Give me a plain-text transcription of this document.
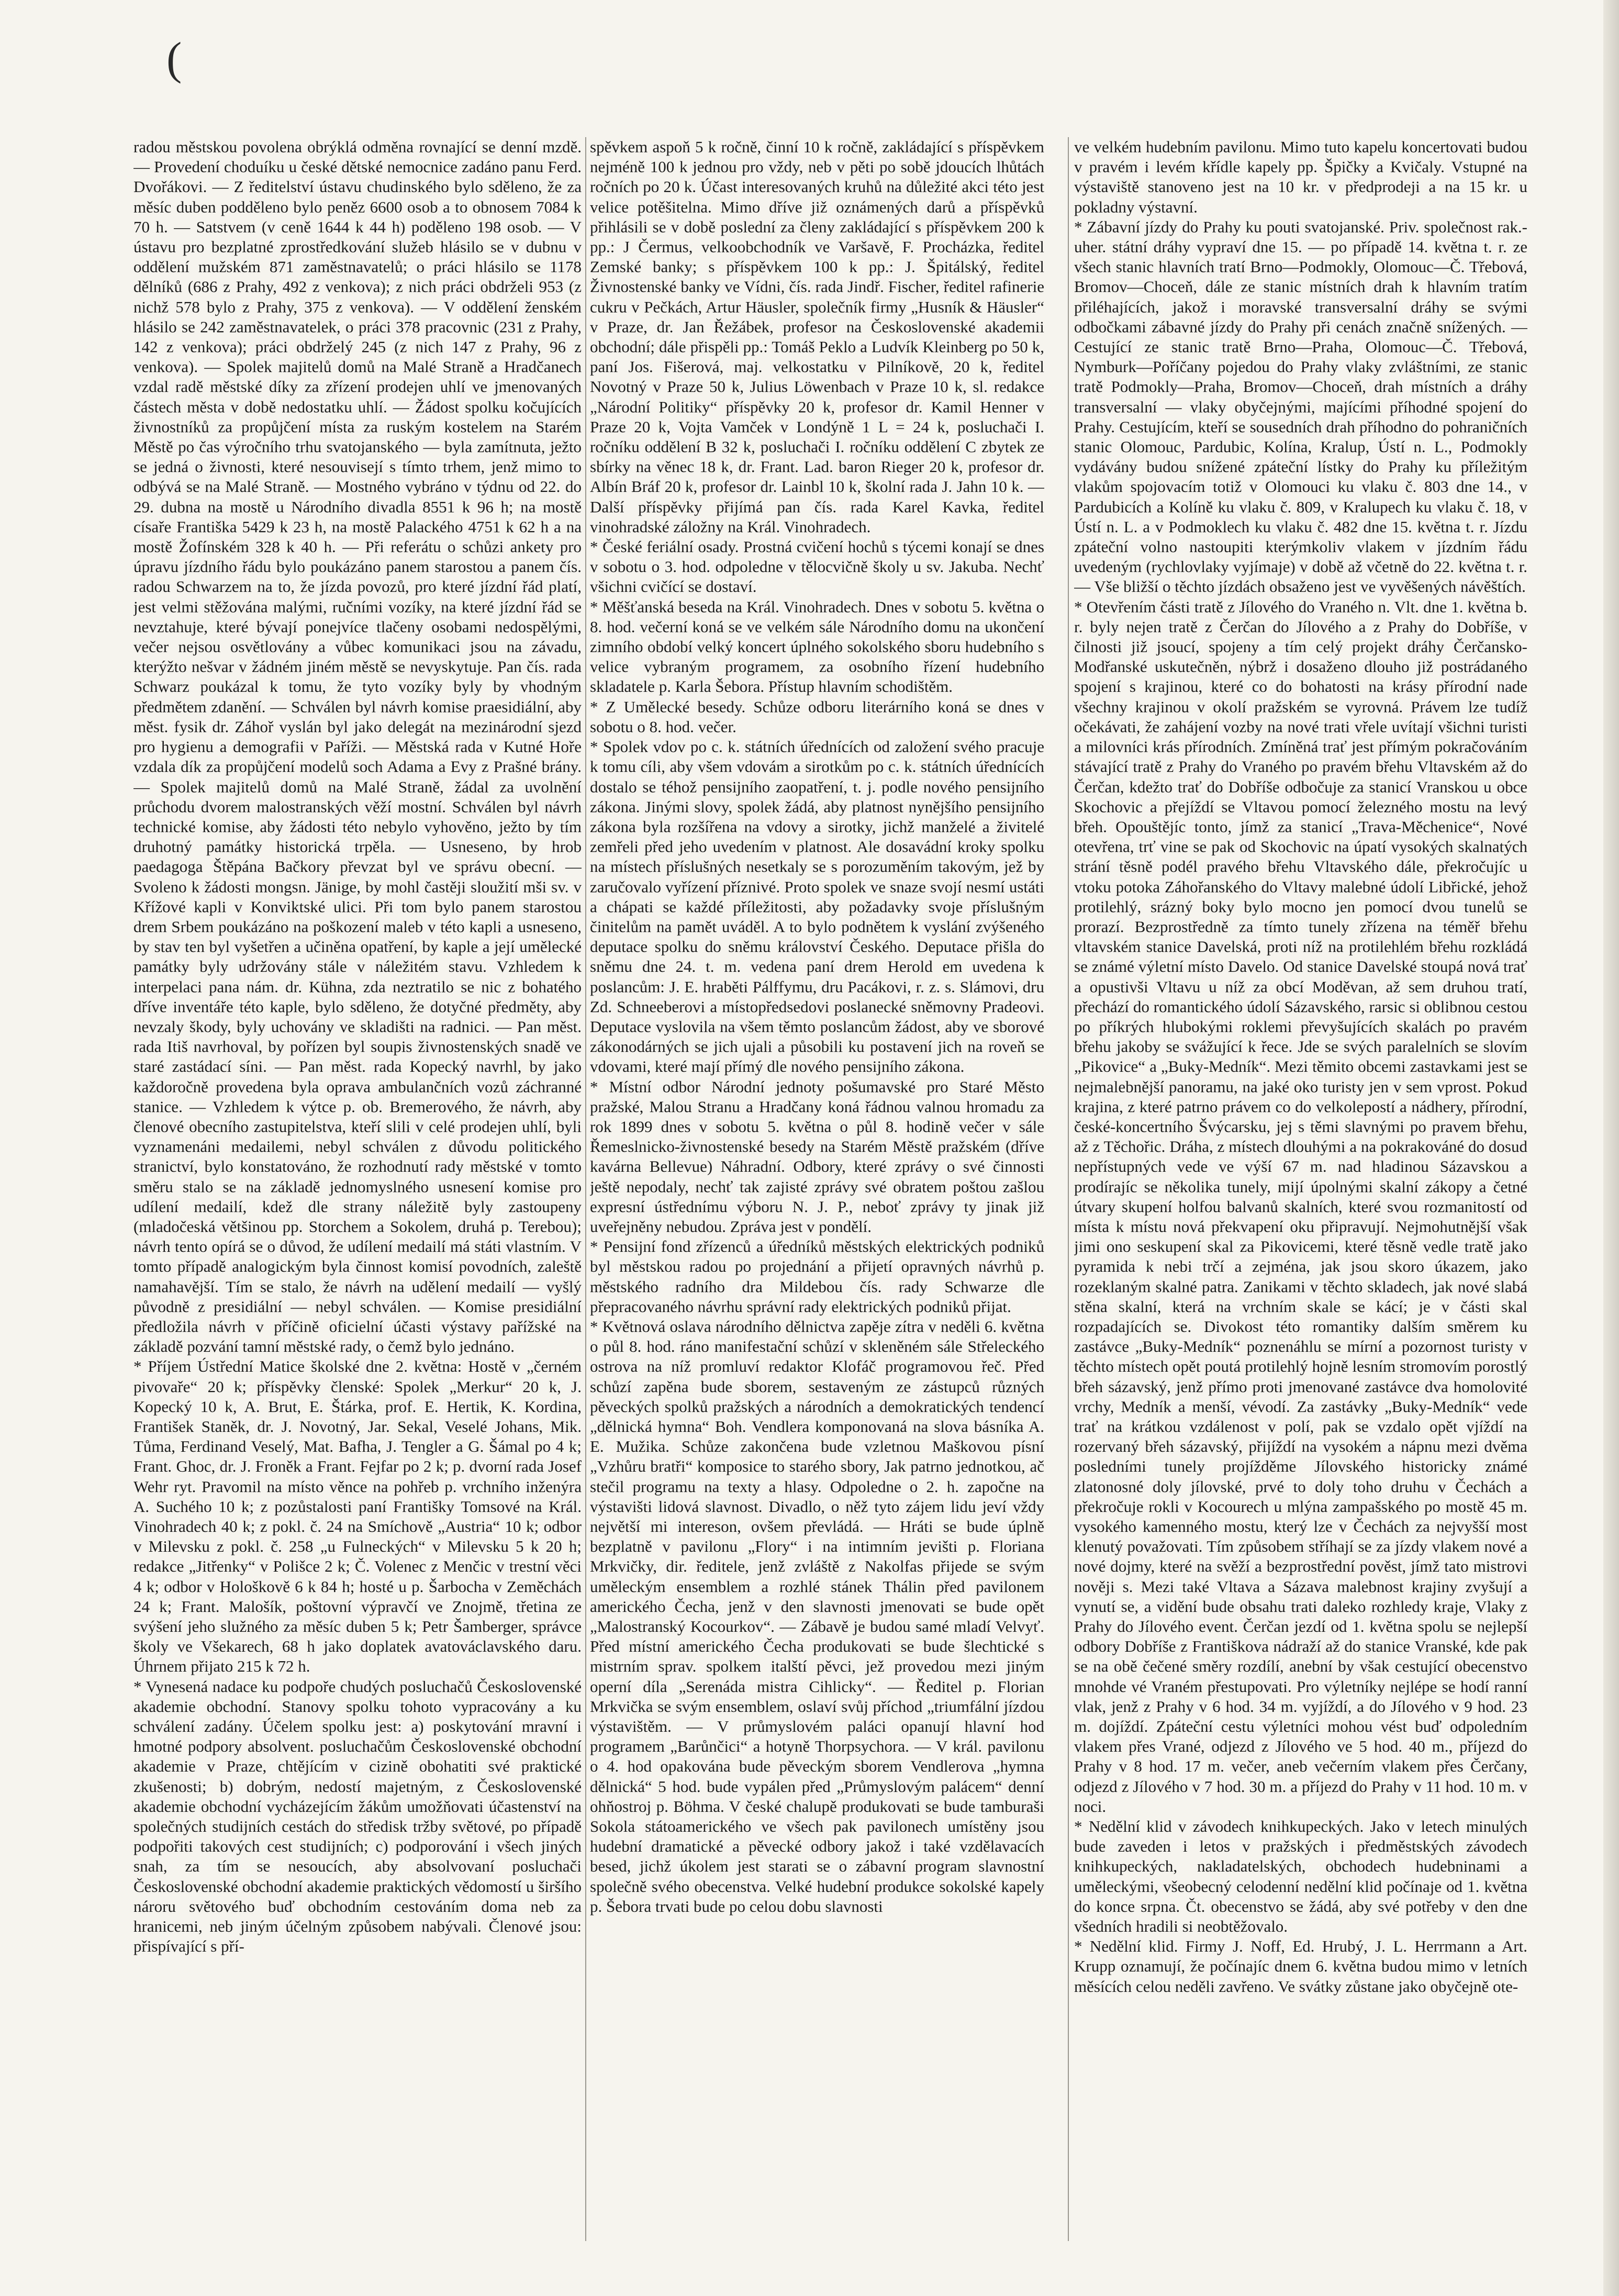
(

radou městskou povolena obrýklá odměna rovnající se denní mzdě. — Provedení choduíku u české dětské nemocnice zadáno panu Ferd. Dvořákovi. — Z ředitelství ústavu chudinského bylo sděleno, že za měsíc duben podděleno bylo peněz 6600 osob a to obnosem 7084 k 70 h. — Satstvem (v ceně 1644 k 44 h) poděleno 198 osob. — V ústavu pro bezplatné zprostředkování služeb hlásilo se v dubnu v oddělení mužském 871 zaměstnavatelů; o práci hlásilo se 1178 dělníků (686 z Prahy, 492 z venkova); z nich práci obdrželi 953 (z nichž 578 bylo z Prahy, 375 z venkova). — V oddělení ženském hlásilo se 242 zaměstnavatelek, o práci 378 pracovnic (231 z Prahy, 142 z venkova); práci obdrželý 245 (z nich 147 z Prahy, 96 z venkova). — Spolek majitelů domů na Malé Straně a Hradčanech vzdal radě městské díky za zřízení prodejen uhlí ve jmenovaných částech města v době nedostatku uhlí. — Žádost spolku kočujících živnostníků za propůjčení místa za ruským kostelem na Starém Městě po čas výročního trhu svatojanského — byla zamítnuta, ježto se jedná o živnosti, které nesouvisejí s tímto trhem, jenž mimo to odbývá se na Malé Straně. — Mostného vybráno v týdnu od 22. do 29. dubna na mostě u Národního divadla 8551 k 96 h; na mostě císaře Františka 5429 k 23 h, na mostě Palackého 4751 k 62 h a na mostě Žofínském 328 k 40 h. — Při referátu o schůzi ankety pro úpravu jízdního řádu bylo poukázáno panem starostou a panem čís. radou Schwarzem na to, že jízda povozů, pro které jízdní řád platí, jest velmi stěžována malými, ručními vozíky, na které jízdní řád se nevztahuje, které bývají ponejvíce tlačeny osobami nedospělými, večer nejsou osvětlovány a vůbec komunikaci jsou na závadu, kterýžto nešvar v žádném jiném městě se nevyskytuje. Pan čís. rada Schwarz poukázal k tomu, že tyto vozíky byly by vhodným předmětem zdanění. — Schválen byl návrh komise praesidiální, aby měst. fysik dr. Záhoř vyslán byl jako delegát na mezinárodní sjezd pro hygienu a demografii v Paříži. — Městská rada v Kutné Hoře vzdala dík za propůjčení modelů soch Adama a Evy z Prašné brány. — Spolek majitelů domů na Malé Straně, žádal za uvolnění průchodu dvorem malostranských věží mostní. Schválen byl návrh technické komise, aby žádosti této nebylo vyhověno, ježto by tím druhotný památky historická trpěla. — Usneseno, by hrob paedagoga Štěpána Bačkory převzat byl ve správu obecní. — Svoleno k žádosti mongsn. Jänige, by mohl častěji sloužití mši sv. v Křížové kapli v Konviktské ulici. Při tom bylo panem starostou drem Srbem poukázáno na poškození maleb v této kapli a usneseno, by stav ten byl vyšetřen a učiněna opatření, by kaple a její umělecké památky byly udržovány stále v náležitém stavu. Vzhledem k interpelaci pana nám. dr. Kühna, zda neztratilo se nic z bohatého dříve inventáře této kaple, bylo sděleno, že dotyčné předměty, aby nevzaly škody, byly uchovány ve skladišti na radnici. — Pan měst. rada Itiš navrhoval, by pořízen byl soupis živnostenských snadě ve staré zastádací síni. — Pan měst. rada Kopecký navrhl, by jako každoročně provedena byla oprava ambulančních vozů záchranné stanice. — Vzhledem k výtce p. ob. Bremerového, že návrh, aby členové obecního zastupitelstva, kteří slili v celé prodejen uhlí, byli vyznamenáni medailemi, nebyl schválen z důvodu politického stranictví, bylo konstatováno, že rozhodnutí rady městské v tomto směru stalo se na základě jednomyslného usnesení komise pro udílení medailí, kdež dle strany náležitě byly zastoupeny (mladočeská většinou pp. Storchem a Sokolem, druhá p. Terebou); návrh tento opírá se o důvod, že udílení medailí má státi vlastním. V tomto případě analogickým byla činnost komisí povodních, zaleště namahavější. Tím se stalo, že návrh na udělení medailí — vyšlý původně z presidiální — nebyl schválen. — Komise presidiální předložila návrh v příčině oficielní účasti výstavy pařížské na základě pozvání tamní městské rady, o čemž bylo jednáno.

* Příjem Ústřední Matice školské dne 2. května: Hostě v „černém pivovaře“ 20 k; příspěvky členské: Spolek „Merkur“ 20 k, J. Kopecký 10 k, A. Brut, E. Štárka, prof. E. Hertik, K. Kordina, František Staněk, dr. J. Novotný, Jar. Sekal, Veselé Johans, Mik. Tůma, Ferdinand Veselý, Mat. Bafha, J. Tengler a G. Šámal po 4 k; Frant. Ghoc, dr. J. Froněk a Frant. Fejfar po 2 k; p. dvorní rada Josef Wehr ryt. Pravomil na místo věnce na pohřeb p. vrchního inženýra A. Suchého 10 k; z pozůstalosti paní Františky Tomsové na Král. Vinohradech 40 k; z pokl. č. 24 na Smíchově „Austria“ 10 k; odbor v Milevsku z pokl. č. 258 „u Fulneckých“ v Milevsku 5 k 20 h; redakce „Jitřenky“ v Polišce 2 k; Č. Volenec z Menčic v trestní věci 4 k; odbor v Hološkově 6 k 84 h; hosté u p. Šarbocha v Zeměchách 24 k; Frant. Malošík, poštovní výpravčí ve Znojmě, třetina ze svýšení jeho služného za měsíc duben 5 k; Petr Šamberger, správce školy ve Všekarech, 68 h jako doplatek avatováclavského daru. Úhrnem přijato 215 k 72 h.

* Vynesená nadace ku podpoře chudých posluchačů Československé akademie obchodní. Stanovy spolku tohoto vypracovány a ku schválení zadány. Účelem spolku jest: a) poskytování mravní i hmotné podpory absolvent. posluchačům Československé obchodní akademie v Praze, chtějícím v cizině obohatiti své praktické zkušenosti; b) dobrým, nedostí majetným, z Československé akademie obchodní vycházejícím žákům umožňovati účastenství na společných studijních cestách do středisk tržby světové, po případě podpořiti takových cest studijních; c) podporování i všech jiných snah, za tím se nesoucích, aby absolvovaní posluchači Československé obchodní akademie praktických vědomostí u širšího nároru světového buď obchodním cestováním doma neb za hranicemi, neb jiným účelným způsobem nabývali. Členové jsou: přispívající s pří-

spěvkem aspoň 5 k ročně, činní 10 k ročně, zakládající s příspěvkem nejméně 100 k jednou pro vždy, neb v pěti po sobě jdoucích lhůtách ročních po 20 k. Účast interesovaných kruhů na důležité akci této jest velice potěšitelna. Mimo dříve již oznámených darů a příspěvků přihlásili se v době poslední za členy zakládající s příspěvkem 200 k pp.: J Čermus, velkoobchodník ve Varšavě, F. Procházka, ředitel Zemské banky; s příspěvkem 100 k pp.: J. Špitálský, ředitel Živnostenské banky ve Vídni, čís. rada Jindř. Fischer, ředitel rafinerie cukru v Pečkách, Artur Häusler, společník firmy „Husník & Häusler“ v Praze, dr. Jan Řežábek, profesor na Československé akademii obchodní; dále přispěli pp.: Tomáš Peklo a Ludvík Kleinberg po 50 k, paní Jos. Fišerová, maj. velkostatku v Pilníkově, 20 k, ředitel Novotný v Praze 50 k, Julius Löwenbach v Praze 10 k, sl. redakce „Národní Politiky“ příspěvky 20 k, profesor dr. Kamil Henner v Praze 20 k, Vojta Vamček v Londýně 1 L = 24 k, posluchači I. ročníku oddělení B 32 k, posluchači I. ročníku oddělení C zbytek ze sbírky na věnec 18 k, dr. Frant. Lad. baron Rieger 20 k, profesor dr. Albín Bráf 20 k, profesor dr. Lainbl 10 k, školní rada J. Jahn 10 k. — Další příspěvky přijímá pan čís. rada Karel Kavka, ředitel vinohradské záložny na Král. Vinohradech.

* České feriální osady. Prostná cvičení hochů s týcemi konají se dnes v sobotu o 3. hod. odpoledne v tělocvičně školy u sv. Jakuba. Nechť všichni cvičící se dostaví.

* Měšťanská beseda na Král. Vinohradech. Dnes v sobotu 5. května o 8. hod. večerní koná se ve velkém sále Národního domu na ukončení zimního období velký koncert úplného sokolského sboru hudebního s velice vybraným programem, za osobního řízení hudebního skladatele p. Karla Šebora. Přístup hlavním schodištěm.

* Z Umělecké besedy. Schůze odboru literárního koná se dnes v sobotu o 8. hod. večer.

* Spolek vdov po c. k. státních úřednících od založení svého pracuje k tomu cíli, aby všem vdovám a sirotkům po c. k. státních úřednících dostalo se téhož pensijního zaopatření, t. j. podle nového pensijního zákona. Jinými slovy, spolek žádá, aby platnost nynějšího pensijního zákona byla rozšířena na vdovy a sirotky, jichž manželé a živitelé zemřeli před jeho uvedením v platnost. Ale dosavádní kroky spolku na místech příslušných nesetkaly se s porozuměním takovým, jež by zaručovalo vyřízení příznivé. Proto spolek ve snaze svojí nesmí ustáti a chápati se každé příležitosti, aby požadavky svoje příslušným činitelům na pamět uváděl. A to bylo podnětem k vyslání zvýšeného deputace spolku do sněmu království Českého. Deputace přišla do sněmu dne 24. t. m. vedena paní drem Herold em uvedena k poslancům: J. E. hraběti Pálffymu, dru Pacákovi, r. z. s. Slámovi, dru Zd. Schneeberovi a místopředsedovi poslanecké sněmovny Pradeovi. Deputace vyslovila na všem těmto poslancům žádost, aby ve sborové zákonodárných se jich ujali a působili ku postavení jich na roveň se vdovami, které mají přímý dle nového pensijního zákona.

* Místní odbor Národní jednoty pošumavské pro Staré Město pražské, Malou Stranu a Hradčany koná řádnou valnou hromadu za rok 1899 dnes v sobotu 5. května o půl 8. hodině večer v sále Řemeslnicko-živnostenské besedy na Starém Městě pražském (dříve kavárna Bellevue) Náhradní. Odbory, které zprávy o své činnosti ještě nepodaly, nechť tak zajisté zprávy své obratem poštou zašlou expresní ústřednímu výboru N. J. P., neboť zprávy ty jinak již uveřejněny nebudou. Zpráva jest v pondělí.

* Pensijní fond zřízenců a úředníků městských elektrických podniků byl městskou radou po projednání a přijetí opravných návrhů p. městského radního dra Mildebou čís. rady Schwarze dle přepracovaného návrhu správní rady elektrických podniků přijat.

* Květnová oslava národního dělnictva zapěje zítra v neděli 6. května o půl 8. hod. ráno manifestační schůzí v skleněném sále Střeleckého ostrova na níž promluví redaktor Klofáč programovou řeč. Před schůzí zapěna bude sborem, sestaveným ze zástupců různých pěveckých spolků pražských a národních a demokratických tendencí „dělnická hymna“ Boh. Vendlera komponovaná na slova básníka A. E. Mužika. Schůze zakončena bude vzletnou Maškovou písní „Vzhůru bratři“ komposice to starého sbory, Jak patrno jednotkou, ač stečil programu na texty a hlasy. Odpoledne o 2. h. započne na výstavišti lidová slavnost. Divadlo, o něž tyto zájem lidu jeví vždy největší mi intereson, ovšem převládá. — Hráti se bude úplně bezplatně v pavilonu „Flory“ i na intimním jevišti p. Floriana Mrkvičky, dir. ředitele, jenž zvláště z Nakolfas přijede se svým uměleckým ensemblem a rozhlé stánek Thálin před pavilonem amerického Čecha, jenž v den slavnosti jmenovati se bude opět „Malostranský Kocourkov“. — Zábavě je budou samé mladí Velvyť. Před místní amerického Čecha produkovati se bude šlechtické s mistrním sprav. spolkem italští pěvci, jež provedou mezi jiným operní díla „Serenáda mistra Cihlicky“. — Ředitel p. Florian Mrkvička se svým ensemblem, oslaví svůj příchod „triumfální jízdou výstavištěm. — V průmyslovém paláci opanují hlavní hod programem „Barůnčici“ a hotyně Thorpsychora. — V král. pavilonu o 4. hod opakována bude pěveckým sborem Vendlerova „hymna dělnická“ 5 hod. bude vypálen před „Průmyslovým palácem“ denní ohňostroj p. Böhma. V české chalupě produkovati se bude tamburaši Sokola státoamerického ve všech pak pavilonech umístěny jsou hudební dramatické a pěvecké odbory jakož i také vzdělavacích besed, jichž úkolem jest starati se o zábavní program slavnostní společně svého obecenstva. Velké hudební produkce sokolské kapely p. Šebora trvati bude po celou dobu slavnosti

ve velkém hudebním pavilonu. Mimo tuto kapelu koncertovati budou v pravém i levém křídle kapely pp. Špičky a Kvičaly. Vstupné na výstaviště stanoveno jest na 10 kr. v předprodeji a na 15 kr. u pokladny výstavní.

* Zábavní jízdy do Prahy ku pouti svatojanské. Priv. společnost rak.-uher. státní dráhy vypraví dne 15. — po případě 14. května t. r. ze všech stanic hlavních tratí Brno—Podmokly, Olomouc—Č. Třebová, Bromov—Choceň, dále ze stanic místních drah k hlavním tratím přiléhajících, jakož i moravské transversalní dráhy se svými odbočkami zábavné jízdy do Prahy při cenách značně snížených. — Cestující ze stanic tratě Brno—Praha, Olomouc—Č. Třebová, Nymburk—Poříčany pojedou do Prahy vlaky zvláštními, ze stanic tratě Podmokly—Praha, Bromov—Choceň, drah místních a dráhy transversalní — vlaky obyčejnými, majícími příhodné spojení do Prahy. Cestujícím, kteří se sousedních drah příhodno do pohraničních stanic Olomouc, Pardubic, Kolína, Kralup, Ústí n. L., Podmokly vydávány budou snížené zpáteční lístky do Prahy ku příležitým vlakům spojovacím totiž v Olomouci ku vlaku č. 803 dne 14., v Pardubicích a Kolíně ku vlaku č. 809, v Kralupech ku vlaku č. 18, v Ústí n. L. a v Podmoklech ku vlaku č. 482 dne 15. května t. r. Jízdu zpáteční volno nastoupiti kterýmkoliv vlakem v jízdním řádu uvedeným (rychlovlaky vyjímaje) v době až včetně do 22. května t. r. — Vše bližší o těchto jízdách obsaženo jest ve vyvěšených návěštích.

* Otevřením části tratě z Jílového do Vraného n. Vlt. dne 1. května b. r. byly nejen tratě z Čerčan do Jílového a z Prahy do Dobříše, v čilnosti již jsoucí, spojeny a tím celý projekt dráhy Čerčansko-Modřanské uskutečněn, nýbrž i dosaženo dlouho již postrádaného spojení s krajinou, které co do bohatosti na krásy přírodní nade všechny krajinou v okolí pražském se vyrovná. Právem lze tudíž očekávati, že zahájení vozby na nové trati vřele uvítají všichni turisti a milovníci krás přírodních. Zmíněná trať jest přímým pokračováním stávající tratě z Prahy do Vraného po pravém břehu Vltavském až do Čerčan, kdežto trať do Dobříše odbočuje za stanicí Vranskou u obce Skochovic a přejíždí se Vltavou pomocí železného mostu na levý břeh. Opouštějíc tonto, jímž za stanicí „Trava-Měchenice“, Nové otevřena, trť vine se pak od Skochovic na úpatí vysokých skalnatých strání těsně podél pravého břehu Vltavského dále, překročujíc u vtoku potoka Záhořanského do Vltavy malebné údolí Libřické, jehož protilehlý, srázný boky bylo mocno jen pomocí dvou tunelů se prorazí. Bezprostředně za tímto tunely zřízena na téměř břehu vltavském stanice Davelská, proti níž na protilehlém břehu rozkládá se známé výletní místo Davelo. Od stanice Davelské stoupá nová trať a opustivši Vltavu u níž za obcí Moděvan, až sem druhou tratí, přechází do romantického údolí Sázavského, rarsic si oblibnou cestou po příkrých hlubokými roklemi převyšujících skalách po pravém břehu jakoby se svážující k řece. Jde se svých paralelních se slovím „Pikovice“ a „Buky-Medník“. Mezi těmito obcemi zastavkami jest se nejmalebnější panoramu, na jaké oko turisty jen v sem vprost. Pokud krajina, z které patrno právem co do velkolepostí a nádhery, přírodní, české-koncertního Švýcarsku, jej s těmi slavnými po pravem břehu, až z Těchořic. Dráha, z místech dlouhými a na pokrakováné do dosud nepřístupných vede ve výší 67 m. nad hladinou Sázavskou a prodírajíc se několika tunely, mijí úpolnými skalní zákopy a četné útvary skupení holfou balvanů skalních, které svou rozmanitostí od místa k místu nová překvapení oku připravují. Nejmohutnější však jimi ono seskupení skal za Pikovicemi, které těsně vedle tratě jako pyramida k nebi trčí a zejména, jak jsou skoro úkazem, jako rozeklaným skalné patra. Zanikami v těchto skladech, jak nové slabá stěna skalní, která na vrchním skale se kácí; je v části skal rozpadajících se. Divokost této romantiky dalším směrem ku zastávce „Buky-Medník“ poznenáhlu se mírní a pozornost turisty v těchto místech opět poutá protilehlý hojně lesním stromovím porostlý břeh sázavský, jenž přímo proti jmenované zastávce dva homolovité vrchy, Medník a menší, vévodí. Za zastávky „Buky-Medník“ vede trať na krátkou vzdálenost v polí, pak se vzdalo opět vjíždí na rozervaný břeh sázavský, přijíždí na vysokém a nápnu mezi dvěma posledními tunely projížděme Jílovského historicky známé zlatonosné doly jílovské, prvé to doly toho druhu v Čechách a překročuje rokli v Kocourech u mlýna zampašského po mostě 45 m. vysokého kamenného mostu, který lze v Čechách za nejvyšší most klenutý považovati. Tím způsobem stříhají se za jízdy vlakem nové a nové dojmy, které na svěží a bezprostřední pověst, jímž tato mistrovi nověji s. Mezi také Vltava a Sázava malebnost krajiny zvyšují a vynutí se, a vidění bude obsahu trati daleko rozhledy kraje, Vlaky z Prahy do Jílového event. Čerčan jezdí od 1. května spolu se nejlepší odbory Dobříše z Františkova nádraží až do stanice Vranské, kde pak se na obě čečené směry rozdílí, anební by však cestující obecenstvo mnohde vé Vraném přestupovati. Pro výletníky nejlépe se hodí ranní vlak, jenž z Prahy v 6 hod. 34 m. vyjíždí, a do Jílového v 9 hod. 23 m. dojíždí. Zpáteční cestu výletníci mohou vést buď odpoledním vlakem přes Vrané, odjezd z Jílového ve 5 hod. 40 m., příjezd do Prahy v 8 hod. 17 m. večer, aneb večerním vlakem přes Čerčany, odjezd z Jílového v 7 hod. 30 m. a příjezd do Prahy v 11 hod. 10 m. v noci.

* Nedělní klid v závodech knihkupeckých. Jako v letech minulých bude zaveden i letos v pražských i předměstských závodech knihkupeckých, nakladatelských, obchodech hudebninami a uměleckými, všeobecný celodenní nedělní klid počínaje od 1. května do konce srpna. Čt. obecenstvo se žádá, aby své potřeby v den dne všedních hradili si neobtěžovalo.

* Nedělní klid. Firmy J. Noff, Ed. Hrubý, J. L. Herrmann a Art. Krupp oznamují, že počínajíc dnem 6. května budou mimo v letních měsících celou neděli zavřeno. Ve svátky zůstane jako obyčejně ote-
